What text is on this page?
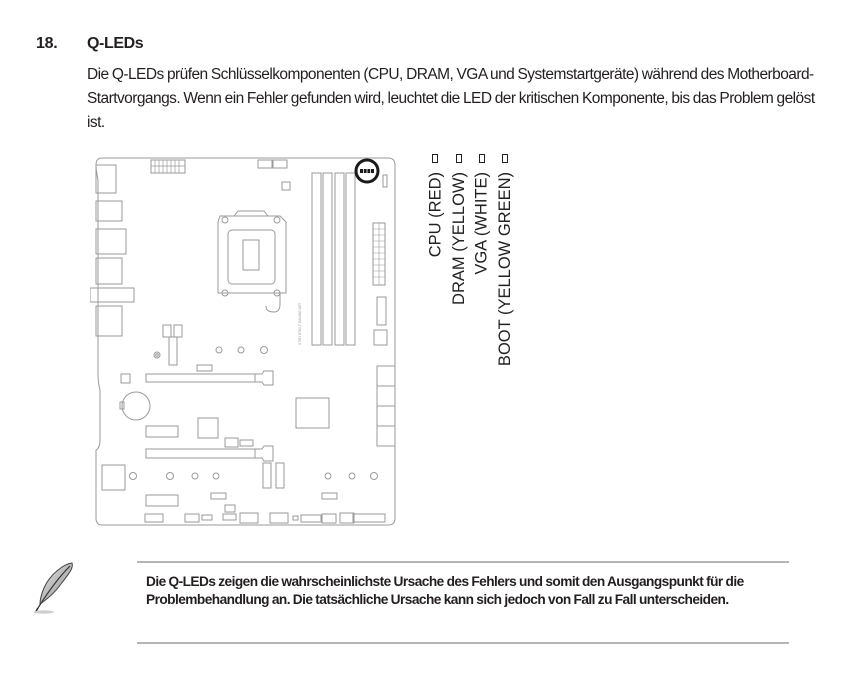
18. Q-LEDs
Die Q-LEDs prüfen Schlüsselkomponenten (CPU, DRAM, VGA und Systemstartgeräte) während des Motherboard-Startvorgangs. Wenn ein Fehler gefunden wird, leuchtet die LED der kritischen Komponente, bis das Problem gelöst ist.
STRIX B760-F GAMING WIFI
CPU (RED) DRAM (YELLOW) VGA (WHITE) BOOT (YELLOW GREEN)
Die Q-LEDs zeigen die wahrscheinlichste Ursache des Fehlers und somit den Ausgangspunkt für die Problembehandlung an. Die tatsächliche Ursache kann sich jedoch von Fall zu Fall unterscheiden.
